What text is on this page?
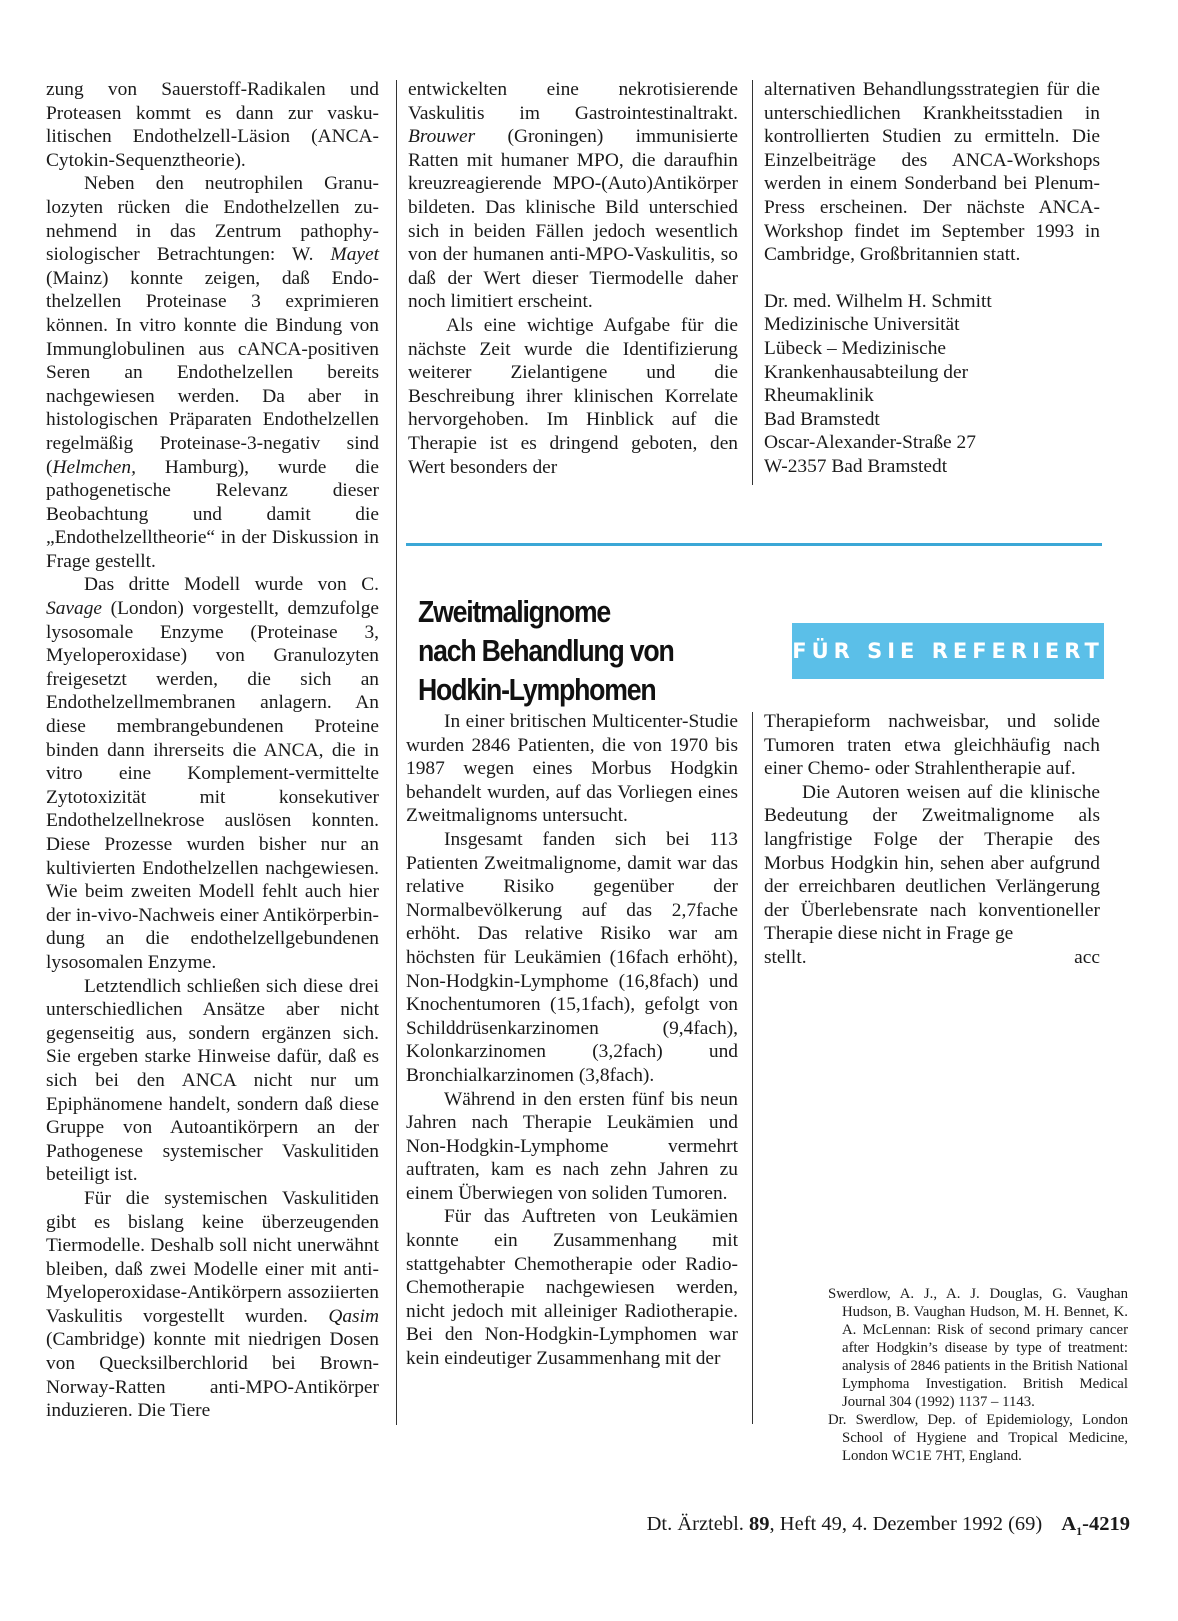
zung von Sauerstoff-Radikalen und Proteasen kommt es dann zur vaskulitischen Endothelzell-Läsion (ANCA-Cytokin-Sequenztheorie).

Neben den neutrophilen Granulozyten rücken die Endothelzellen zunehmend in das Zentrum pathophysiologischer Betrachtungen: W. Mayet (Mainz) konnte zeigen, daß Endothelzellen Proteinase 3 exprimieren können. In vitro konnte die Bindung von Immunglobulinen aus cANCA-positiven Seren an Endothelzellen bereits nachgewiesen werden. Da aber in histologischen Präparaten Endothelzellen regelmäßig Proteinase-3-negativ sind (Helmchen, Hamburg), wurde die pathogenetische Relevanz dieser Beobachtung und damit die „Endothelzelltheorie“ in der Diskussion in Frage gestellt.

Das dritte Modell wurde von C. Savage (London) vorgestellt, demzufolge lysosomale Enzyme (Proteinase 3, Myeloperoxidase) von Granulozyten freigesetzt werden, die sich an Endothelzellmembranen anlagern. An diese membrangebundenen Proteine binden dann ihrerseits die ANCA, die in vitro eine Komplement-vermittelte Zytotoxizität mit konsekutiver Endothelzellnekrose auslösen konnten. Diese Prozesse wurden bisher nur an kultivierten Endothelzellen nachgewiesen. Wie beim zweiten Modell fehlt auch hier der in-vivo-Nachweis einer Antikörperbindung an die endothelzellgebundenen lysosomalen Enzyme.

Letztendlich schließen sich diese drei unterschiedlichen Ansätze aber nicht gegenseitig aus, sondern ergänzen sich. Sie ergeben starke Hinweise dafür, daß es sich bei den ANCA nicht nur um Epiphänomene handelt, sondern daß diese Gruppe von Autoantikörpern an der Pathogenese systemischer Vaskulitiden beteiligt ist.

Für die systemischen Vaskulitiden gibt es bislang keine überzeugenden Tiermodelle. Deshalb soll nicht unerwähnt bleiben, daß zwei Modelle einer mit anti-Myeloperoxidase-Antikörpern assoziierten Vaskulitis vorgestellt wurden. Qasim (Cambridge) konnte mit niedrigen Dosen von Quecksilberchlorid bei Brown-Norway-Ratten anti-MPO-Antikörper induzieren. Die Tiere

entwickelten eine nekrotisierende Vaskulitis im Gastrointestinaltrakt. Brouwer (Groningen) immunisierte Ratten mit humaner MPO, die daraufhin kreuzreagierende MPO-(Auto)Antikörper bildeten. Das klinische Bild unterschied sich in beiden Fällen jedoch wesentlich von der humanen anti-MPO-Vaskulitis, so daß der Wert dieser Tiermodelle daher noch limitiert erscheint.

Als eine wichtige Aufgabe für die nächste Zeit wurde die Identifizierung weiterer Zielantigene und die Beschreibung ihrer klinischen Korrelate hervorgehoben. Im Hinblick auf die Therapie ist es dringend geboten, den Wert besonders der

alternativen Behandlungsstrategien für die unterschiedlichen Krankheitsstadien in kontrollierten Studien zu ermitteln. Die Einzelbeiträge des ANCA-Workshops werden in einem Sonderband bei Plenum-Press erscheinen. Der nächste ANCA-Workshop findet im September 1993 in Cambridge, Großbritannien statt.

Dr. med. Wilhelm H. Schmitt
Medizinische Universität
Lübeck – Medizinische
Krankenhausabteilung der
Rheumaklinik
Bad Bramstedt
Oscar-Alexander-Straße 27
W-2357 Bad Bramstedt
Zweitmalignome
nach Behandlung von
Hodkin-Lymphomen
FÜR SIE REFERIERT

In einer britischen Multicenter-Studie wurden 2846 Patienten, die von 1970 bis 1987 wegen eines Morbus Hodgkin behandelt wurden, auf das Vorliegen eines Zweitmalignoms untersucht.

Insgesamt fanden sich bei 113 Patienten Zweitmalignome, damit war das relative Risiko gegenüber der Normalbevölkerung auf das 2,7fache erhöht. Das relative Risiko war am höchsten für Leukämien (16fach erhöht), Non-Hodgkin-Lymphome (16,8fach) und Knochentumoren (15,1fach), gefolgt von Schilddrüsenkarzinomen (9,4fach), Kolonkarzinomen (3,2fach) und Bronchialkarzinomen (3,8fach).

Während in den ersten fünf bis neun Jahren nach Therapie Leukämien und Non-Hodgkin-Lymphome vermehrt auftraten, kam es nach zehn Jahren zu einem Überwiegen von soliden Tumoren.

Für das Auftreten von Leukämien konnte ein Zusammenhang mit stattgehabter Chemotherapie oder Radio-Chemotherapie nachgewiesen werden, nicht jedoch mit alleiniger Radiotherapie. Bei den Non-Hodgkin-Lymphomen war kein eindeutiger Zusammenhang mit der

Therapieform nachweisbar, und solide Tumoren traten etwa gleichhäufig nach einer Chemo- oder Strahlentherapie auf.

Die Autoren weisen auf die klinische Bedeutung der Zweitmalignome als langfristige Folge der Therapie des Morbus Hodgkin hin, sehen aber aufgrund der erreichbaren deutlichen Verlängerung der Überlebensrate nach konventioneller Therapie diese nicht in Frage ge

stellt.	acc

Swerdlow, A. J., A. J. Douglas, G. Vaughan Hudson, B. Vaughan Hudson, M. H. Bennet, K. A. McLennan: Risk of second primary cancer after Hodgkin’s disease by type of treatment: analysis of 2846 patients in the British National Lymphoma Investigation. British Medical Journal 304 (1992) 1137 – 1143.

Dr. Swerdlow, Dep. of Epidemiology, London School of Hygiene and Tropical Medicine, London WC1E 7HT, England.

Dt. Ärztebl. 89, Heft 49, 4. Dezember 1992 (69) $A_1-4219$
